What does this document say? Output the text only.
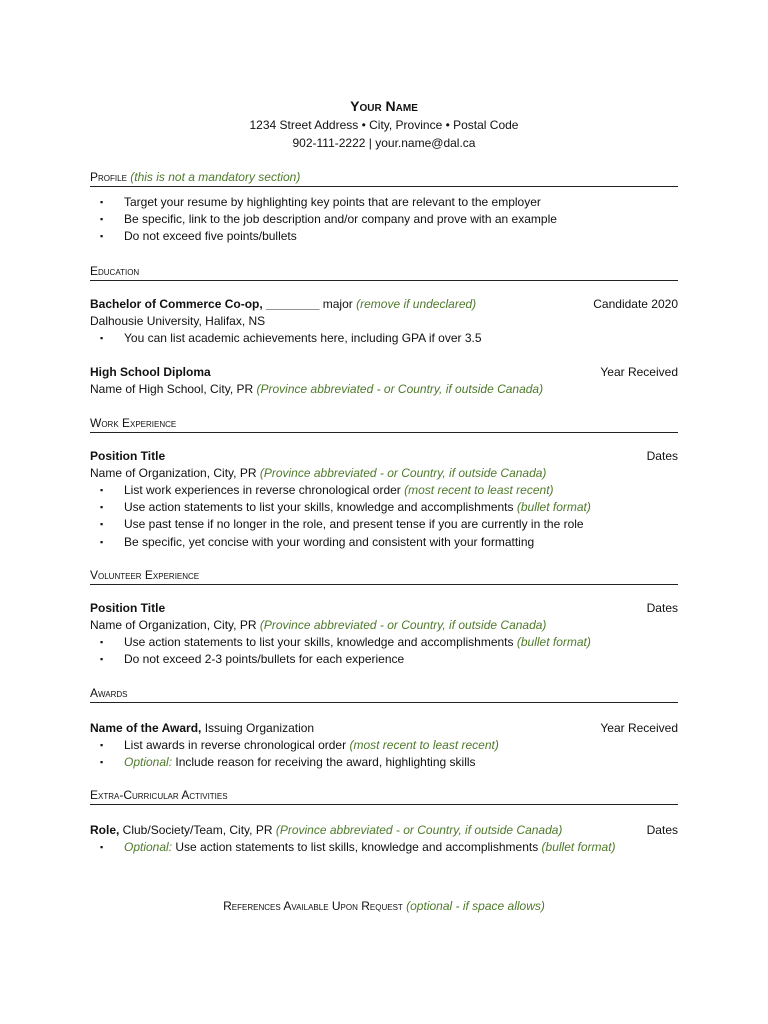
Your Name
1234 Street Address • City, Province • Postal Code
902-111-2222 | your.name@dal.ca
Profile (this is not a mandatory section)
▪ Target your resume by highlighting key points that are relevant to the employer
▪ Be specific, link to the job description and/or company and prove with an example
▪ Do not exceed five points/bullets
Education
Bachelor of Commerce Co-op, ________ major (remove if undeclared)	Candidate 2020
Dalhousie University, Halifax, NS
▪ You can list academic achievements here, including GPA if over 3.5
High School Diploma	Year Received
Name of High School, City, PR (Province abbreviated - or Country, if outside Canada)
Work Experience
Position Title	Dates
Name of Organization, City, PR (Province abbreviated - or Country, if outside Canada)
▪ List work experiences in reverse chronological order (most recent to least recent)
▪ Use action statements to list your skills, knowledge and accomplishments (bullet format)
▪ Use past tense if no longer in the role, and present tense if you are currently in the role
▪ Be specific, yet concise with your wording and consistent with your formatting
Volunteer Experience
Position Title	Dates
Name of Organization, City, PR (Province abbreviated - or Country, if outside Canada)
▪ Use action statements to list your skills, knowledge and accomplishments (bullet format)
▪ Do not exceed 2-3 points/bullets for each experience
Awards
Name of the Award, Issuing Organization	Year Received
▪ List awards in reverse chronological order (most recent to least recent)
▪ Optional: Include reason for receiving the award, highlighting skills
Extra-Curricular Activities
Role, Club/Society/Team, City, PR (Province abbreviated - or Country, if outside Canada)	Dates
▪ Optional: Use action statements to list skills, knowledge and accomplishments (bullet format)
References Available Upon Request (optional - if space allows)
